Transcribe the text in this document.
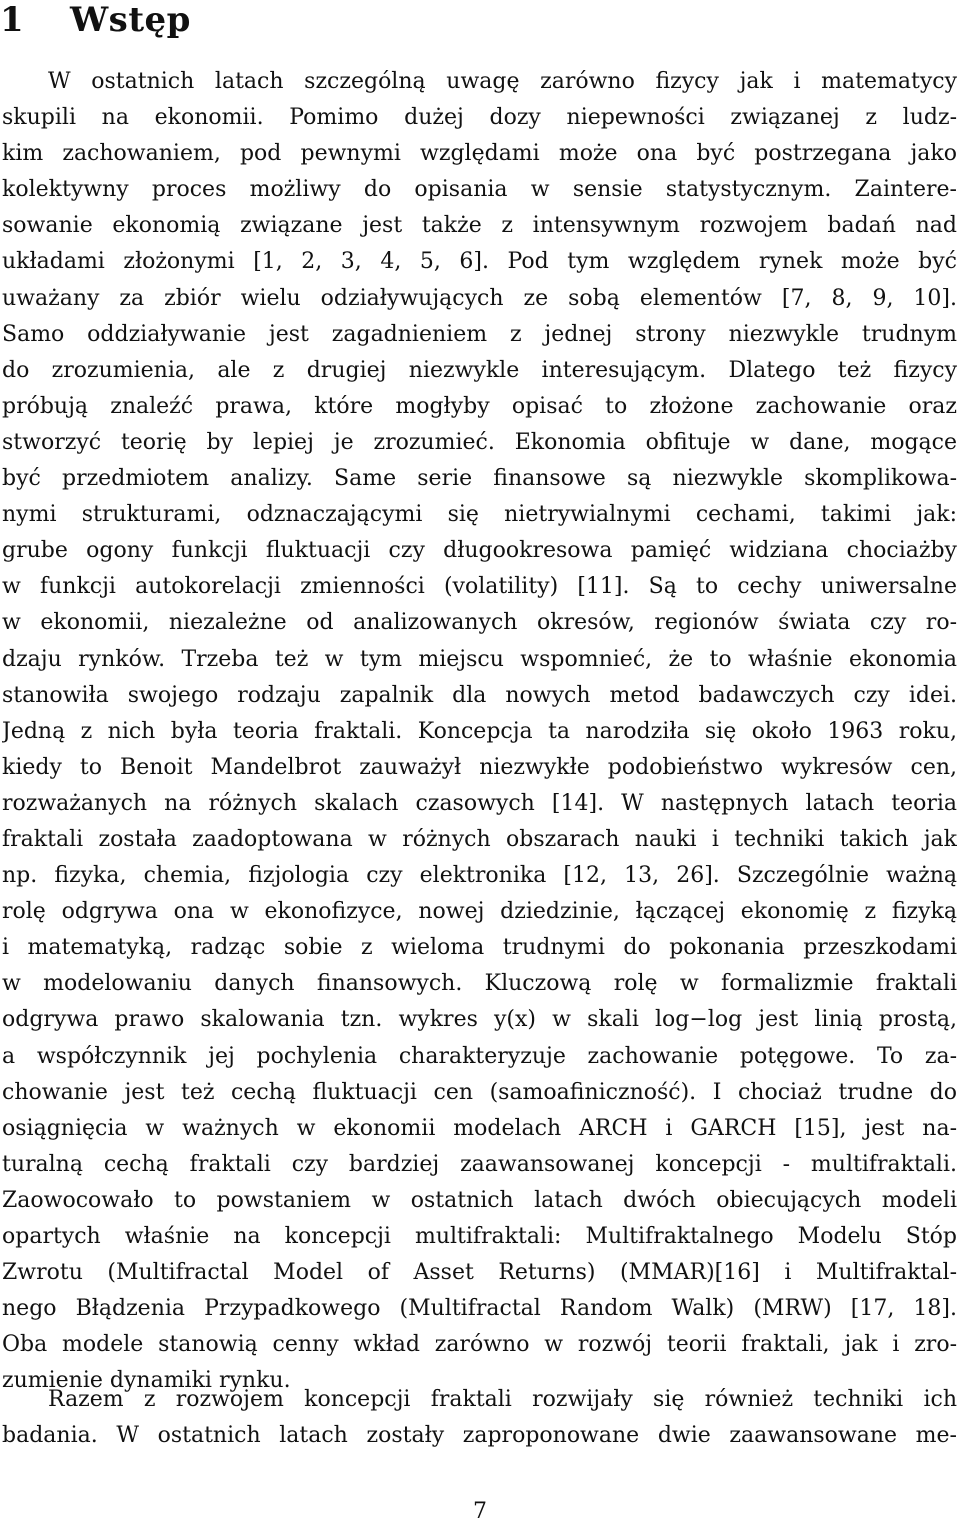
1 Wstęp
W ostatnich latach szczególną uwagę zarówno fizycy jak i matematycy
skupili na ekonomii. Pomimo dużej dozy niepewności związanej z ludz-
kim zachowaniem, pod pewnymi względami może ona być postrzegana jako
kolektywny proces możliwy do opisania w sensie statystycznym. Zaintere-
sowanie ekonomią związane jest także z intensywnym rozwojem badań nad
układami złożonymi [1, 2, 3, 4, 5, 6]. Pod tym względem rynek może być
uważany za zbiór wielu odziaływujących ze sobą elementów [7, 8, 9, 10].
Samo oddziaływanie jest zagadnieniem z jednej strony niezwykle trudnym
do zrozumienia, ale z drugiej niezwykle interesującym. Dlatego też fizycy
próbują znaleźć prawa, które mogłyby opisać to złożone zachowanie oraz
stworzyć teorię by lepiej je zrozumieć. Ekonomia obfituje w dane, mogące
być przedmiotem analizy. Same serie finansowe są niezwykle skomplikowa-
nymi strukturami, odznaczającymi się nietrywialnymi cechami, takimi jak:
grube ogony funkcji fluktuacji czy długookresowa pamięć widziana chociażby
w funkcji autokorelacji zmienności (volatility) [11]. Są to cechy uniwersalne
w ekonomii, niezależne od analizowanych okresów, regionów świata czy ro-
dzaju rynków. Trzeba też w tym miejscu wspomnieć, że to właśnie ekonomia
stanowiła swojego rodzaju zapalnik dla nowych metod badawczych czy idei.
Jedną z nich była teoria fraktali. Koncepcja ta narodziła się około 1963 roku,
kiedy to Benoit Mandelbrot zauważył niezwykłe podobieństwo wykresów cen,
rozważanych na różnych skalach czasowych [14]. W następnych latach teoria
fraktali została zaadoptowana w różnych obszarach nauki i techniki takich jak
np. fizyka, chemia, fizjologia czy elektronika [12, 13, 26]. Szczególnie ważną
rolę odgrywa ona w ekonofizyce, nowej dziedzinie, łączącej ekonomię z fizyką
i matematyką, radząc sobie z wieloma trudnymi do pokonania przeszkodami
w modelowaniu danych finansowych. Kluczową rolę w formalizmie fraktali
odgrywa prawo skalowania tzn. wykres y(x) w skali log−log jest linią prostą,
a współczynnik jej pochylenia charakteryzuje zachowanie potęgowe. To za-
chowanie jest też cechą fluktuacji cen (samoafiniczność). I chociaż trudne do
osiągnięcia w ważnych w ekonomii modelach ARCH i GARCH [15], jest na-
turalną cechą fraktali czy bardziej zaawansowanej koncepcji - multifraktali.
Zaowocowało to powstaniem w ostatnich latach dwóch obiecujących modeli
opartych właśnie na koncepcji multifraktali: Multifraktalnego Modelu Stóp
Zwrotu (Multifractal Model of Asset Returns) (MMAR)[16] i Multifraktal-
nego Błądzenia Przypadkowego (Multifractal Random Walk) (MRW) [17, 18].
Oba modele stanowią cenny wkład zarówno w rozwój teorii fraktali, jak i zro-
zumienie dynamiki rynku.
Razem z rozwojem koncepcji fraktali rozwijały się również techniki ich
badania. W ostatnich latach zostały zaproponowane dwie zaawansowane me-
7
